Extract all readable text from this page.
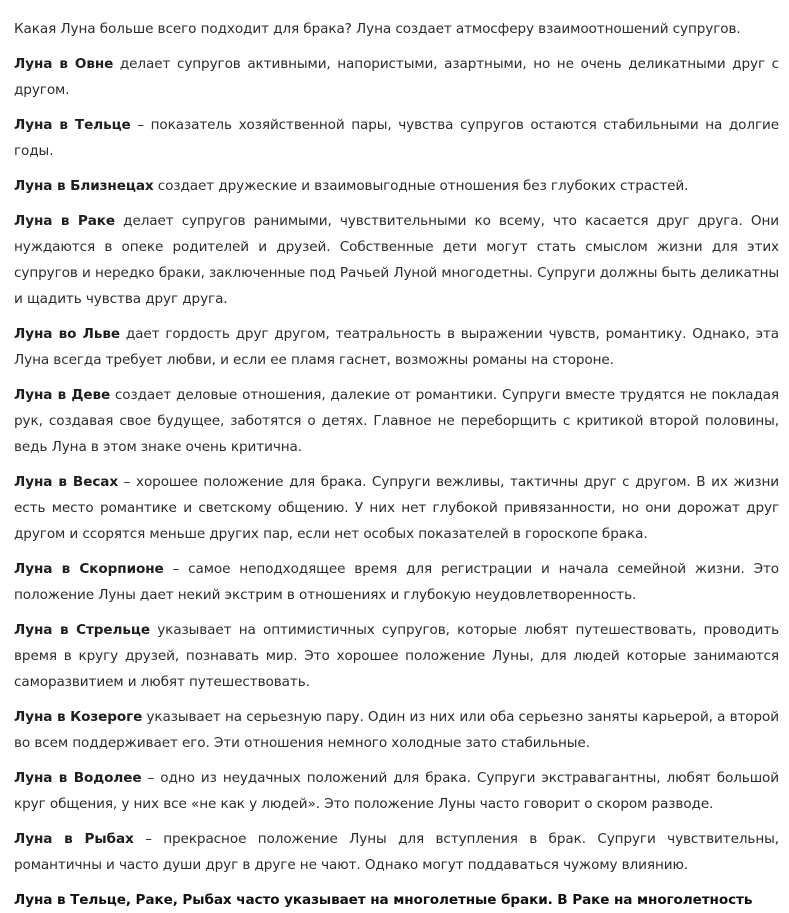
Какая Луна больше всего подходит для брака? Луна создает атмосферу взаимоотношений супругов.

Луна в Овне делает супругов активными, напористыми, азартными, но не очень деликатными друг с другом.

Луна в Тельце – показатель хозяйственной пары, чувства супругов остаются стабильными на долгие годы.

Луна в Близнецах создает дружеские и взаимовыгодные отношения без глубоких страстей.

Луна в Раке делает супругов ранимыми, чувствительными ко всему, что касается друг друга. Они нуждаются в опеке родителей и друзей. Собственные дети могут стать смыслом жизни для этих супругов и нередко браки, заключенные под Рачьей Луной многодетны. Супруги должны быть деликатны и щадить чувства друг друга.

Луна во Льве дает гордость друг другом, театральность в выражении чувств, романтику. Однако, эта Луна всегда требует любви, и если ее пламя гаснет, возможны романы на стороне.

Луна в Деве создает деловые отношения, далекие от романтики. Супруги вместе трудятся не покладая рук, создавая свое будущее, заботятся о детях. Главное не переборщить с критикой второй половины, ведь Луна в этом знаке очень критична.

Луна в Весах – хорошее положение для брака. Супруги вежливы, тактичны друг с другом. В их жизни есть место романтике и светскому общению. У них нет глубокой привязанности, но они дорожат друг другом и ссорятся меньше других пар, если нет особых показателей в гороскопе брака.

Луна в Скорпионе – самое неподходящее время для регистрации и начала семейной жизни. Это положение Луны дает некий экстрим в отношениях и глубокую неудовлетворенность.

Луна в Стрельце указывает на оптимистичных супругов, которые любят путешествовать, проводить время в кругу друзей, познавать мир. Это хорошее положение Луны, для людей которые занимаются саморазвитием и любят путешествовать.

Луна в Козероге указывает на серьезную пару. Один из них или оба серьезно заняты карьерой, а второй во всем поддерживает его. Эти отношения немного холодные зато стабильные.

Луна в Водолее – одно из неудачных положений для брака. Супруги экстравагантны, любят большой круг общения, у них все «не как у людей». Это положение Луны часто говорит о скором разводе.

Луна в Рыбах – прекрасное положение Луны для вступления в брак. Супруги чувствительны, романтичны и часто души друг в друге не чают. Однако могут поддаваться чужому влиянию.

Луна в Тельце, Раке, Рыбах часто указывает на многолетные браки. В Раке на многолетность
